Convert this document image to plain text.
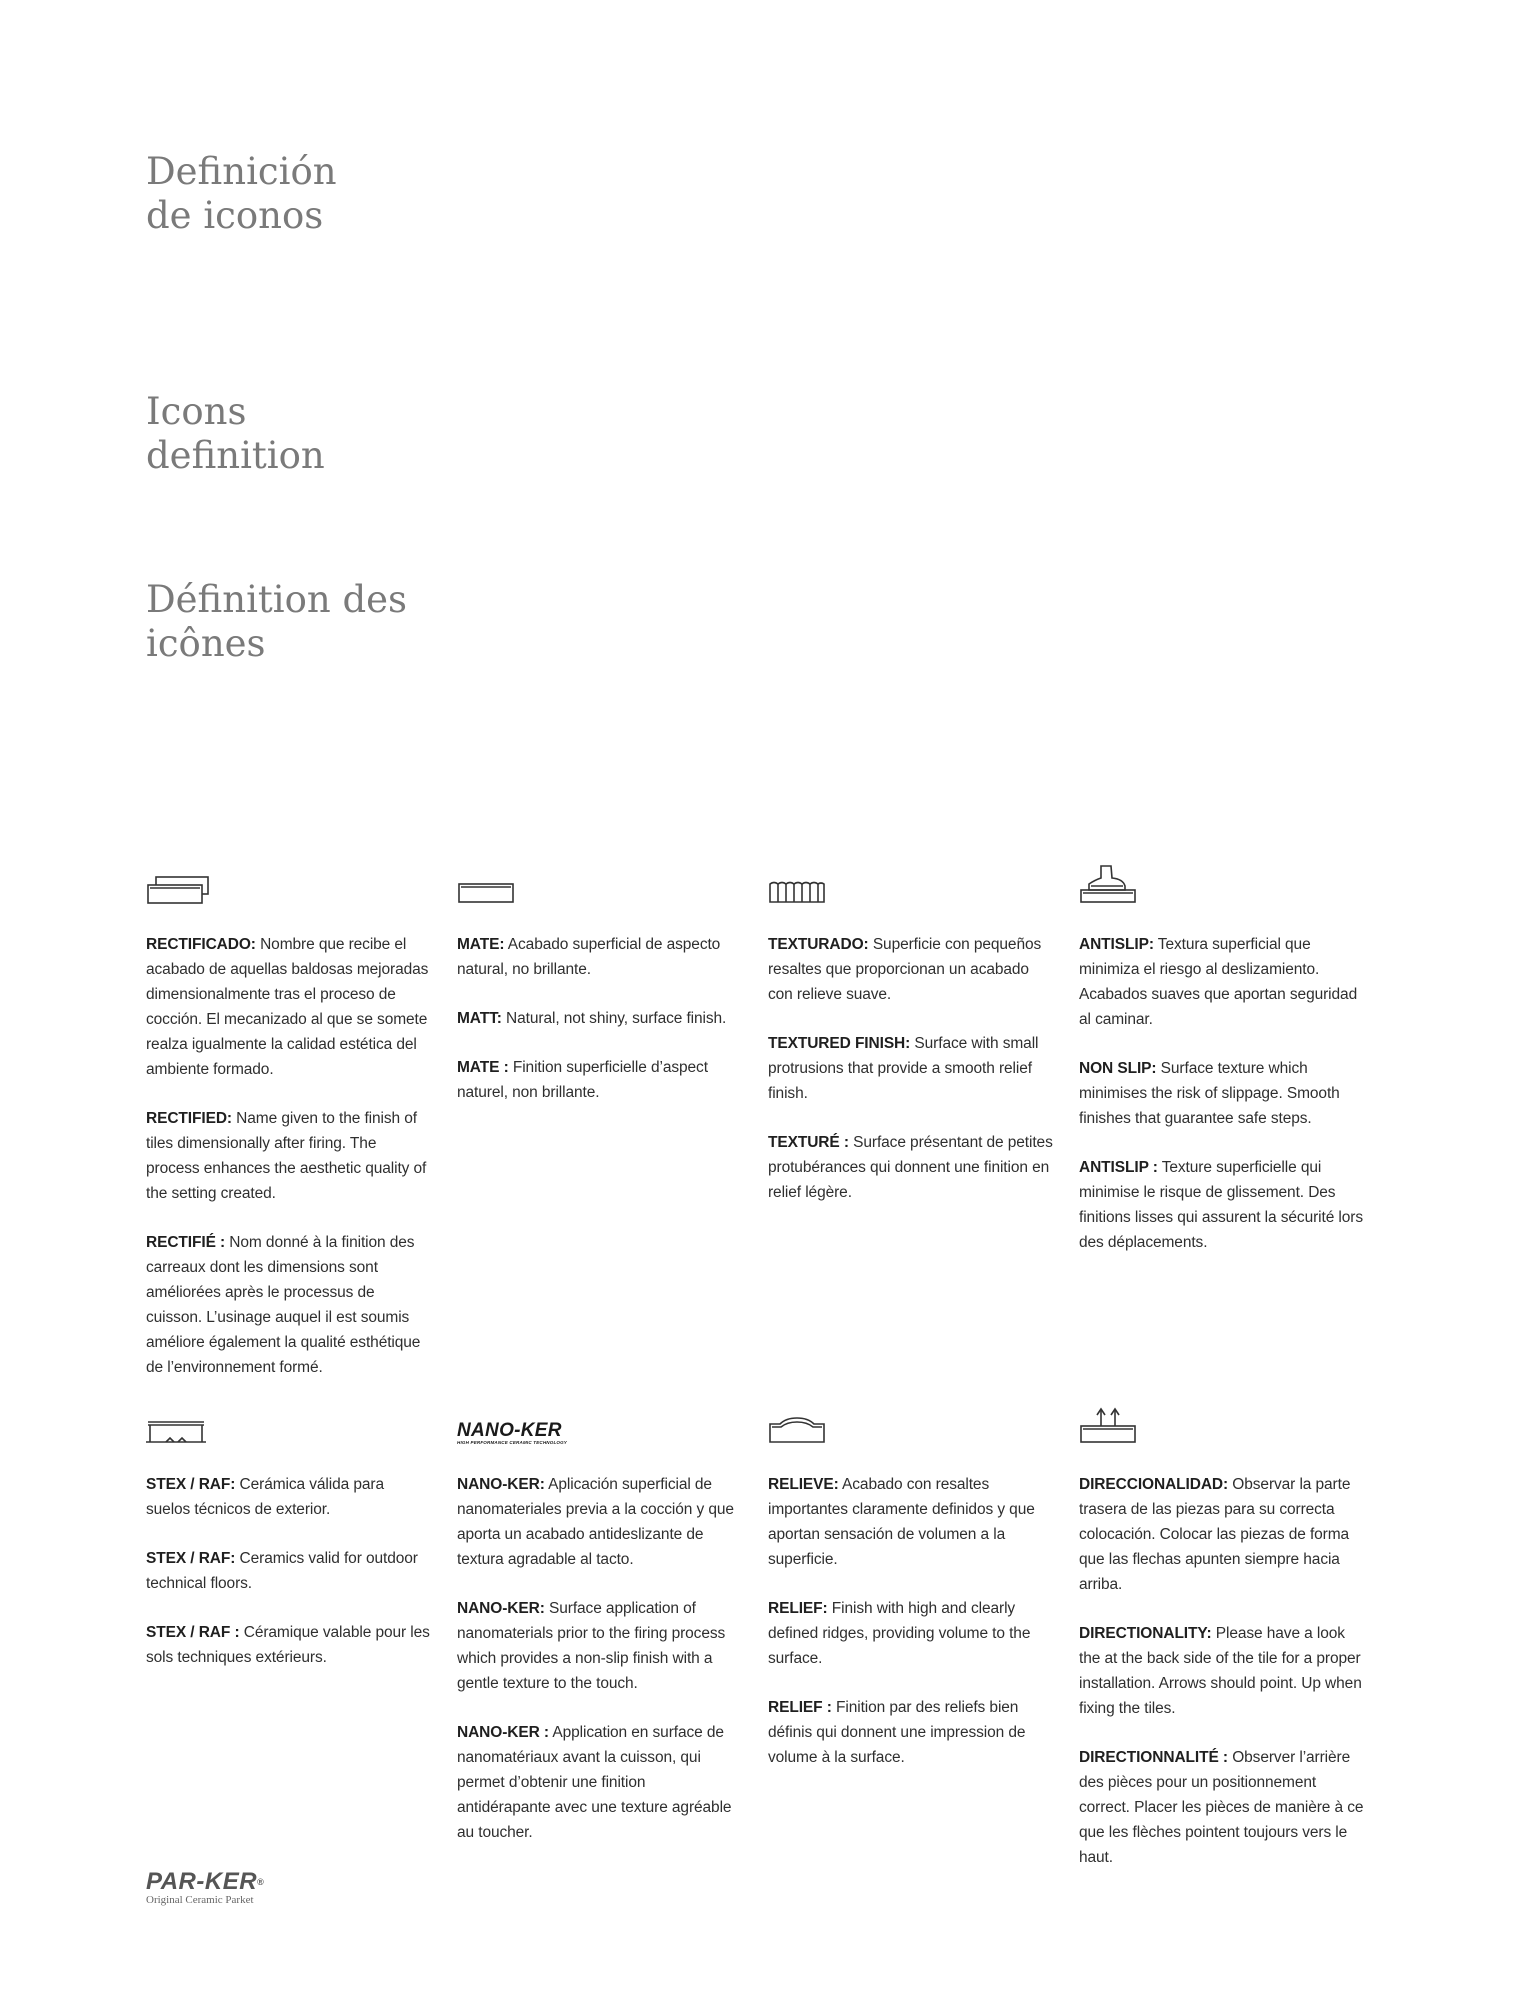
Definición
de iconos
Icons
definition
Définition des
icônes

RECTIFICADO: Nombre que recibe el acabado de aquellas baldosas mejoradas dimensionalmente tras el proceso de cocción. El mecanizado al que se somete realza igualmente la calidad estética del ambiente formado.

RECTIFIED: Name given to the finish of tiles dimensionally after firing. The process enhances the aesthetic quality of the setting created.

RECTIFIÉ : Nom donné à la finition des carreaux dont les dimensions sont améliorées après le processus de cuisson. L’usinage auquel il est soumis améliore également la qualité esthétique de l’environnement formé.

MATE: Acabado superficial de aspecto natural, no brillante.

MATT: Natural, not shiny, surface finish.

MATE : Finition superficielle d’aspect naturel, non brillante.

TEXTURADO: Superficie con pequeños resaltes que proporcionan un acabado con relieve suave.

TEXTURED FINISH: Surface with small protrusions that provide a smooth relief finish.

TEXTURÉ : Surface présentant de petites protubérances qui donnent une finition en relief légère.

ANTISLIP: Textura superficial que minimiza el riesgo al deslizamiento. Acabados suaves que aportan seguridad al caminar.

NON SLIP: Surface texture which minimises the risk of slippage. Smooth finishes that guarantee safe steps.

ANTISLIP : Texture superficielle qui minimise le risque de glissement. Des finitions lisses qui assurent la sécurité lors des déplacements.

STEX / RAF: Cerámica válida para suelos técnicos de exterior.

STEX / RAF: Ceramics valid for outdoor technical floors.

STEX / RAF : Céramique valable pour les sols techniques extérieurs.

NANO-KER
HIGH PERFORMANCE CERAMIC TECHNOLOGY

NANO-KER: Aplicación superficial de nanomateriales previa a la cocción y que aporta un acabado antideslizante de textura agradable al tacto.

NANO-KER: Surface application of nanomaterials prior to the firing process which provides a non-slip finish with a gentle texture to the touch.

NANO-KER : Application en surface de nanomatériaux avant la cuisson, qui permet d’obtenir une finition antidérapante avec une texture agréable au toucher.

RELIEVE: Acabado con resaltes importantes claramente definidos y que aportan sensación de volumen a la superficie.

RELIEF: Finish with high and clearly defined ridges, providing volume to the surface.

RELIEF : Finition par des reliefs bien définis qui donnent une impression de volume à la surface.

DIRECCIONALIDAD: Observar la parte trasera de las piezas para su correcta colocación. Colocar las piezas de forma que las flechas apunten siempre hacia arriba.

DIRECTIONALITY: Please have a look the at the back side of the tile for a proper installation. Arrows should point. Up when fixing the tiles.

DIRECTIONNALITÉ : Observer l’arrière des pièces pour un positionnement correct. Placer les pièces de manière à ce que les flèches pointent toujours vers le haut.

PAR-KER®
Original Ceramic Parket
